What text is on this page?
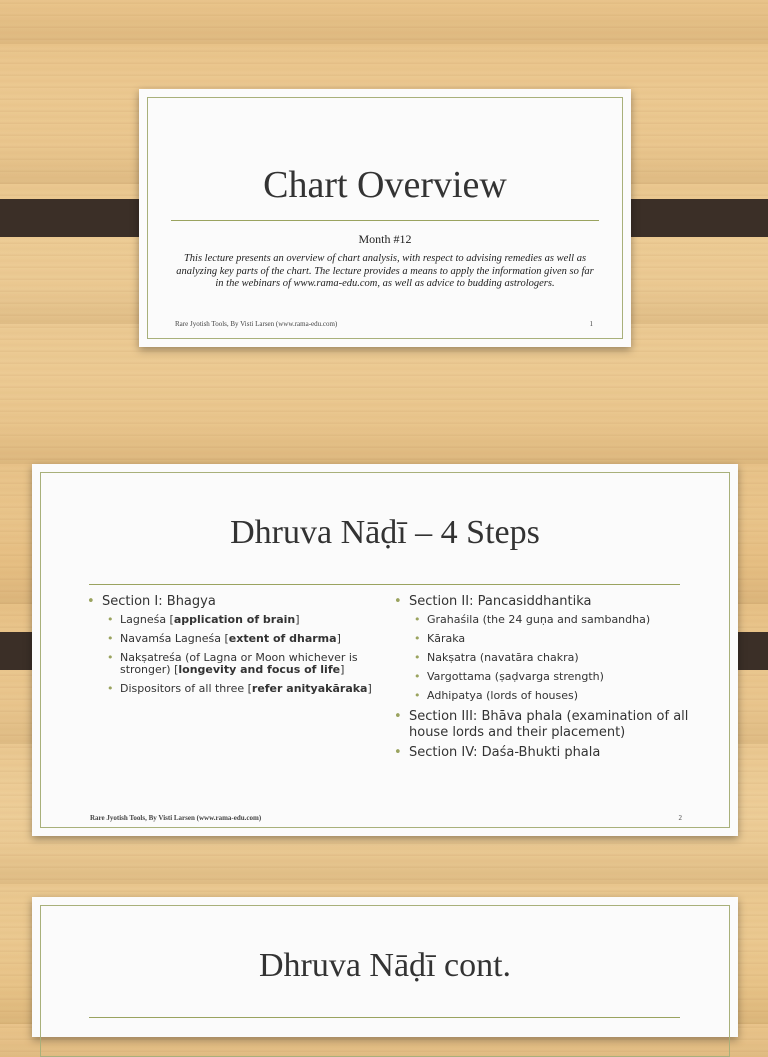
Chart Overview
Month #12
This lecture presents an overview of chart analysis, with respect to advising remedies as well as analyzing key parts of the chart. The lecture provides a means to apply the information given so far in the webinars of www.rama-edu.com, as well as advice to budding astrologers.
Rare Jyotish Tools, By Visti Larsen (www.rama-edu.com)	1
Dhruva Nāḍī – 4 Steps
• Section I: Bhagya
• Lagneśa [application of brain]
• Navamśa Lagneśa [extent of dharma]
• Nakṣatreśa (of Lagna or Moon whichever is stronger) [longevity and focus of life]
• Dispositors of all three [refer anityakāraka]
• Section II: Pancasiddhantika
• Grahaśila (the 24 guṇa and sambandha)
• Kāraka
• Nakṣatra (navatāra chakra)
• Vargottama (ṣaḍvarga strength)
• Adhipatya (lords of houses)
• Section III: Bhāva phala (examination of all house lords and their placement)
• Section IV: Daśa-Bhukti phala
Rare Jyotish Tools, By Visti Larsen (www.rama-edu.com)	2
Dhruva Nāḍī cont.
